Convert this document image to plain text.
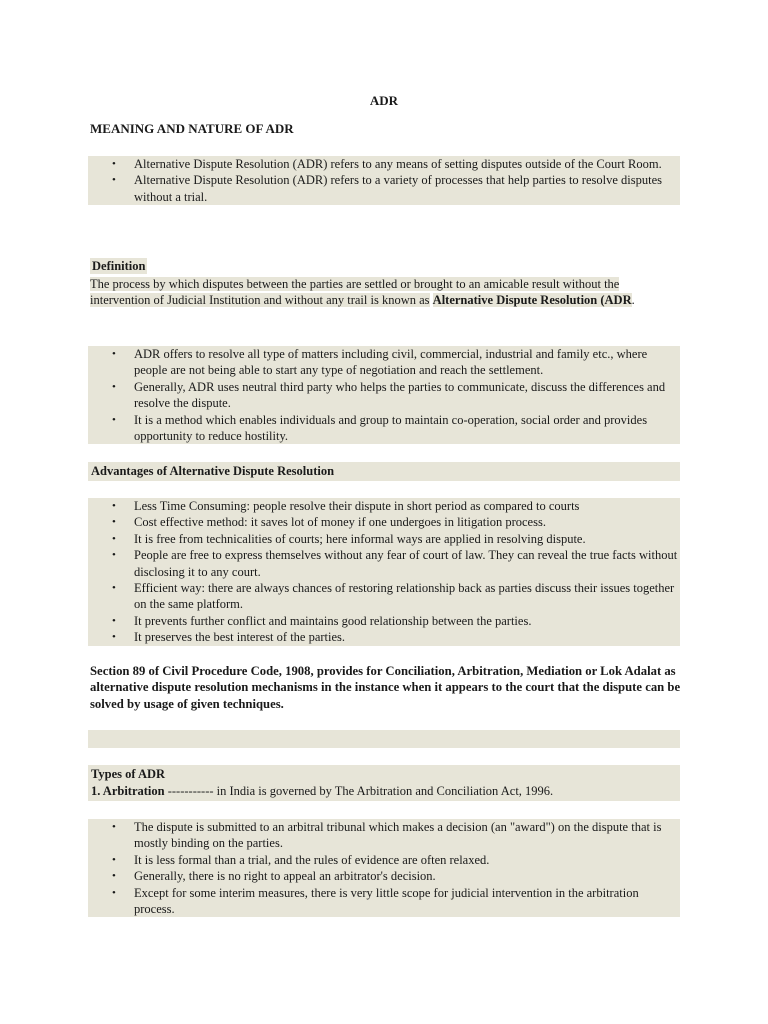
ADR
MEANING AND NATURE OF ADR
• Alternative Dispute Resolution (ADR) refers to any means of setting disputes outside of the Court Room.
• Alternative Dispute Resolution (ADR) refers to a variety of processes that help parties to resolve disputes without a trial.
Definition
The process by which disputes between the parties are settled or brought to an amicable result without the intervention of Judicial Institution and without any trail is known as Alternative Dispute Resolution (ADR.
• ADR offers to resolve all type of matters including civil, commercial, industrial and family etc., where people are not being able to start any type of negotiation and reach the settlement.
• Generally, ADR uses neutral third party who helps the parties to communicate, discuss the differences and resolve the dispute.
• It is a method which enables individuals and group to maintain co-operation, social order and provides opportunity to reduce hostility.
Advantages of Alternative Dispute Resolution
• Less Time Consuming: people resolve their dispute in short period as compared to courts
• Cost effective method: it saves lot of money if one undergoes in litigation process.
• It is free from technicalities of courts; here informal ways are applied in resolving dispute.
• People are free to express themselves without any fear of court of law. They can reveal the true facts without disclosing it to any court.
• Efficient way: there are always chances of restoring relationship back as parties discuss their issues together on the same platform.
• It prevents further conflict and maintains good relationship between the parties.
• It preserves the best interest of the parties.
Section 89 of Civil Procedure Code, 1908, provides for Conciliation, Arbitration, Mediation or Lok Adalat as alternative dispute resolution mechanisms in the instance when it appears to the court that the dispute can be solved by usage of given techniques.
Types of ADR
1. Arbitration ----------- in India is governed by The Arbitration and Conciliation Act, 1996.
• The dispute is submitted to an arbitral tribunal which makes a decision (an "award") on the dispute that is mostly binding on the parties.
• It is less formal than a trial, and the rules of evidence are often relaxed.
• Generally, there is no right to appeal an arbitrator's decision.
• Except for some interim measures, there is very little scope for judicial intervention in the arbitration process.
